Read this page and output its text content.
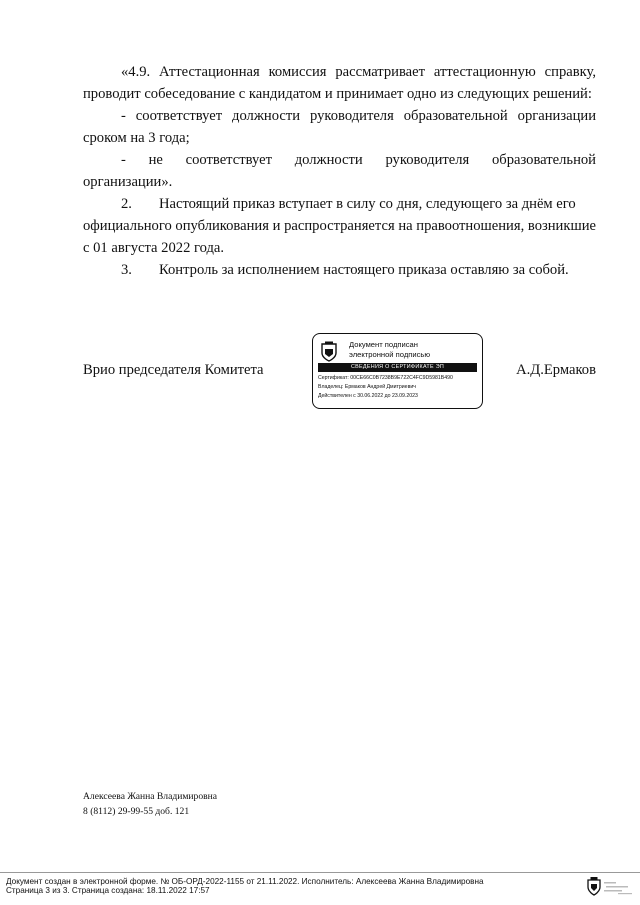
«4.9. Аттестационная комиссия рассматривает аттестационную справку, проводит собеседование с кандидатом и принимает одно из следующих решений:

- соответствует должности руководителя образовательной организации сроком на 3 года;

- не соответствует должности руководителя образовательной

организации».

2.	Настоящий приказ вступает в силу со дня, следующего за днём его

официального опубликования и распространяется на правоотношения, возникшие с 01 августа 2022 года.

3.	Контроль за исполнением настоящего приказа оставляю за собой.
Врио председателя Комитета	А.Д.Ермаков
Документ подписан
электронной подписью
СВЕДЕНИЯ О СЕРТИФИКАТЕ ЭП
Сертификат: 00CE66C0B7238B9E722C4FC9D5981B490
Владелец: Ермаков Андрей Дмитриевич
Действителен с 30.06.2022 до 23.09.2023
Алексеева Жанна Владимировна
8 (8112) 29-99-55 доб. 121
Документ создан в электронной форме. № ОБ-ОРД-2022-1155 от 21.11.2022. Исполнитель: Алексеева Жанна Владимировна
Страница 3 из 3. Страница создана: 18.11.2022 17:57
